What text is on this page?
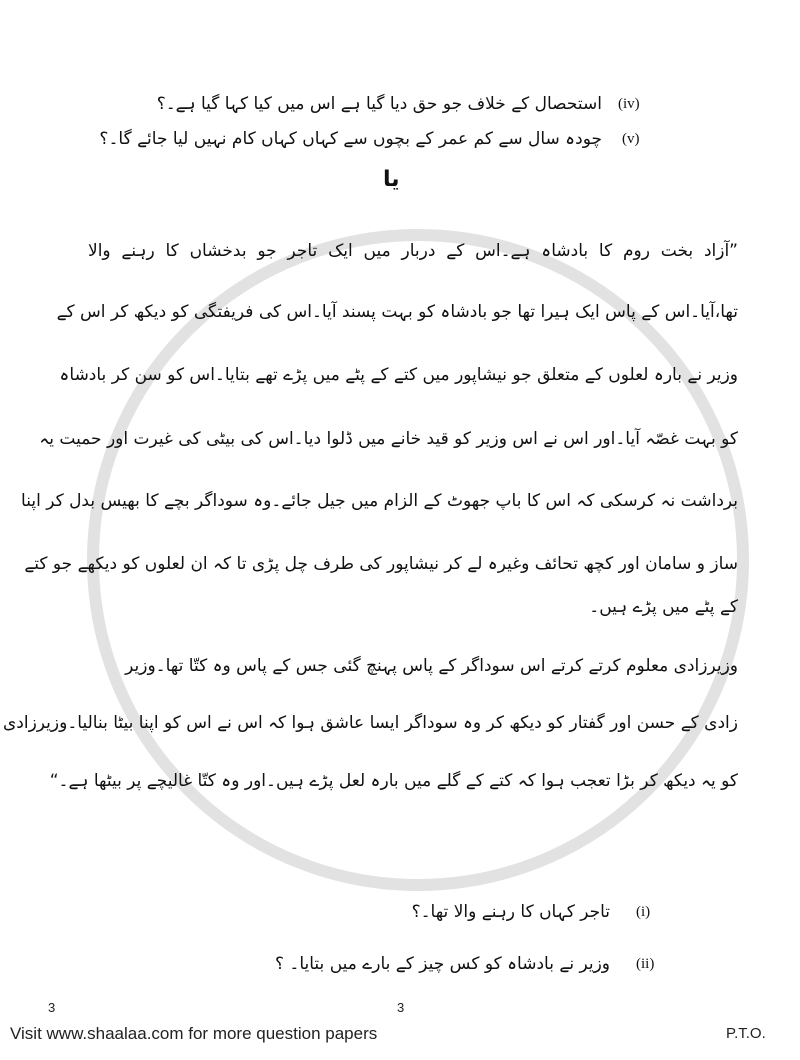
(iv)
استحصال کے خلاف جو حق دیا گیا ہے اس میں کیا کہا گیا ہے۔؟
(v)
چودہ سال سے کم عمر کے بچوں سے کہاں کہاں کام نہیں لیا جائے گا۔؟
یا
”آزاد بخت روم کا بادشاہ ہے۔اس کے دربار میں ایک تاجر جو بدخشاں کا رہنے والا
تھا،آیا۔اس کے پاس ایک ہیرا تھا جو بادشاہ کو بہت پسند آیا۔اس کی فریفتگی کو دیکھ کر اس کے
وزیر نے بارہ لعلوں کے متعلق جو نیشاپور میں کتے کے پٹے میں پڑے تھے بتایا۔اس کو سن کر بادشاہ
کو بہت غصّہ آیا۔اور اس نے اس وزیر کو قید خانے میں ڈلوا دیا۔اس کی بیٹی کی غیرت اور حمیت یہ
برداشت نہ کرسکی کہ اس کا باپ جھوٹ کے الزام میں جیل جائے۔وہ سوداگر بچے کا بھیس بدل کر اپنا
ساز و سامان اور کچھ تحائف وغیرہ لے کر نیشاپور کی طرف چل پڑی تا کہ ان لعلوں کو دیکھے جو کتے
کے پٹے میں پڑے ہیں۔
وزیرزادی معلوم کرتے کرتے اس سوداگر کے پاس پہنچ گئی جس کے پاس وہ کتّا تھا۔وزیر
زادی کے حسن اور گفتار کو دیکھ کر وہ سوداگر ایسا عاشق ہوا کہ اس نے اس کو اپنا بیٹا بنالیا۔وزیرزادی
کو یہ دیکھ کر بڑا تعجب ہوا کہ کتے کے گلے میں بارہ لعل پڑے ہیں۔اور وہ کتّا غالیچے پر بیٹھا ہے۔“
(i)
تاجر کہاں کا رہنے والا تھا۔؟
(ii)
وزیر نے بادشاہ کو کس چیز کے بارے میں بتایا۔ ؟
3
Visit www.shaalaa.com for more question papers
3
P.T.O.
